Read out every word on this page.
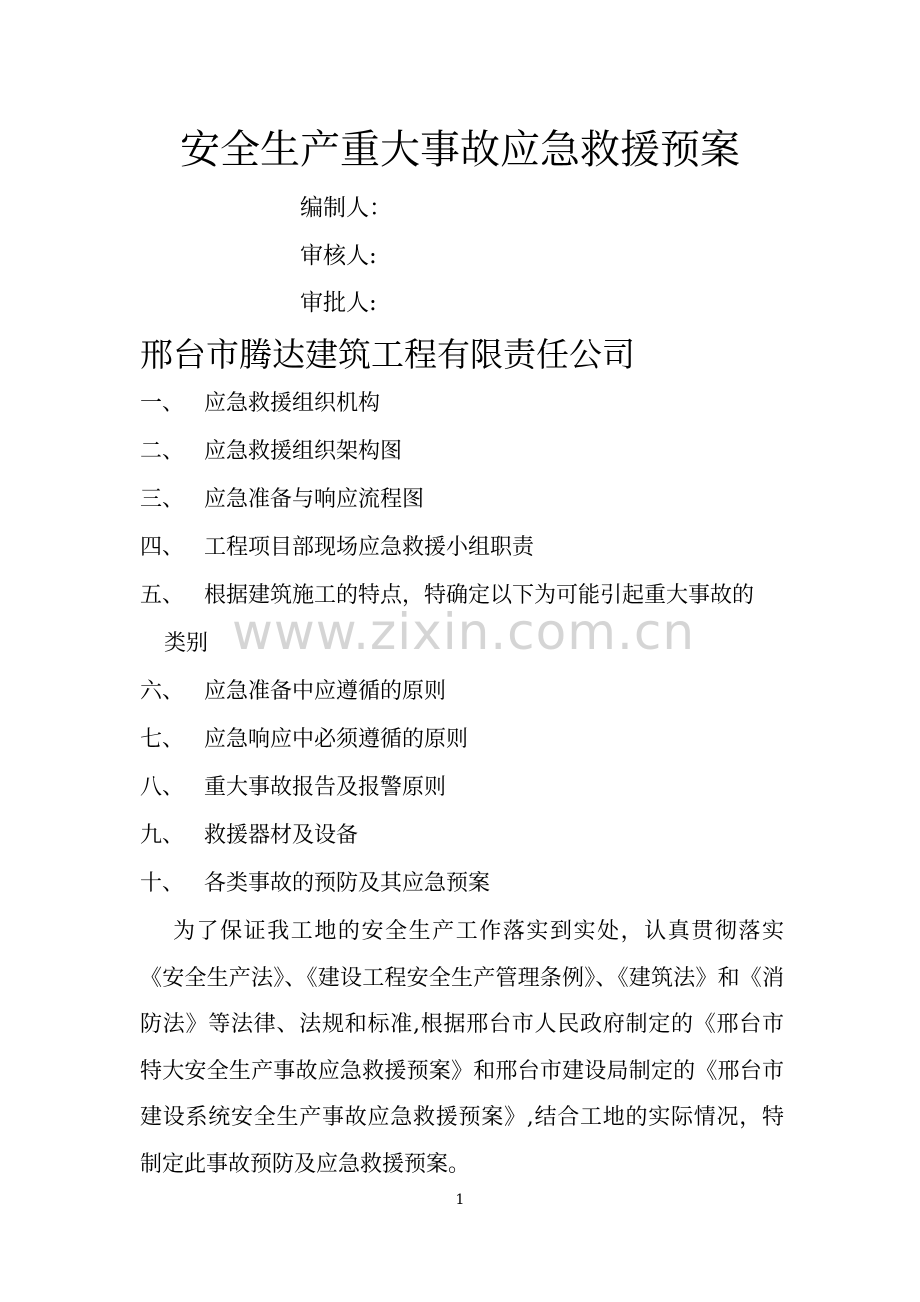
安全生产重大事故应急救援预案
编制人：
审核人:
审批人:
邢台市腾达建筑工程有限责任公司
一、 应急救援组织机构
二、 应急救援组织架构图
三、 应急准备与响应流程图
四、 工程项目部现场应急救援小组职责
五、 根据建筑施工的特点，特确定以下为可能引起重大事故的
类别
六、 应急准备中应遵循的原则
七、 应急响应中必须遵循的原则
八、 重大事故报告及报警原则
九、 救援器材及设备
十、 各类事故的预防及其应急预案
www.zixin.com.cn

为了保证我工地的安全生产工作落实到实处，认真贯彻落实《安全生产法》、《建设工程安全生产管理条例》、《建筑法》和《消防法》等法律、法规和标准,根据邢台市人民政府制定的《邢台市特大安全生产事故应急救援预案》和邢台市建设局制定的《邢台市建设系统安全生产事故应急救援预案》,结合工地的实际情况，特制定此事故预防及应急救援预案。

1
